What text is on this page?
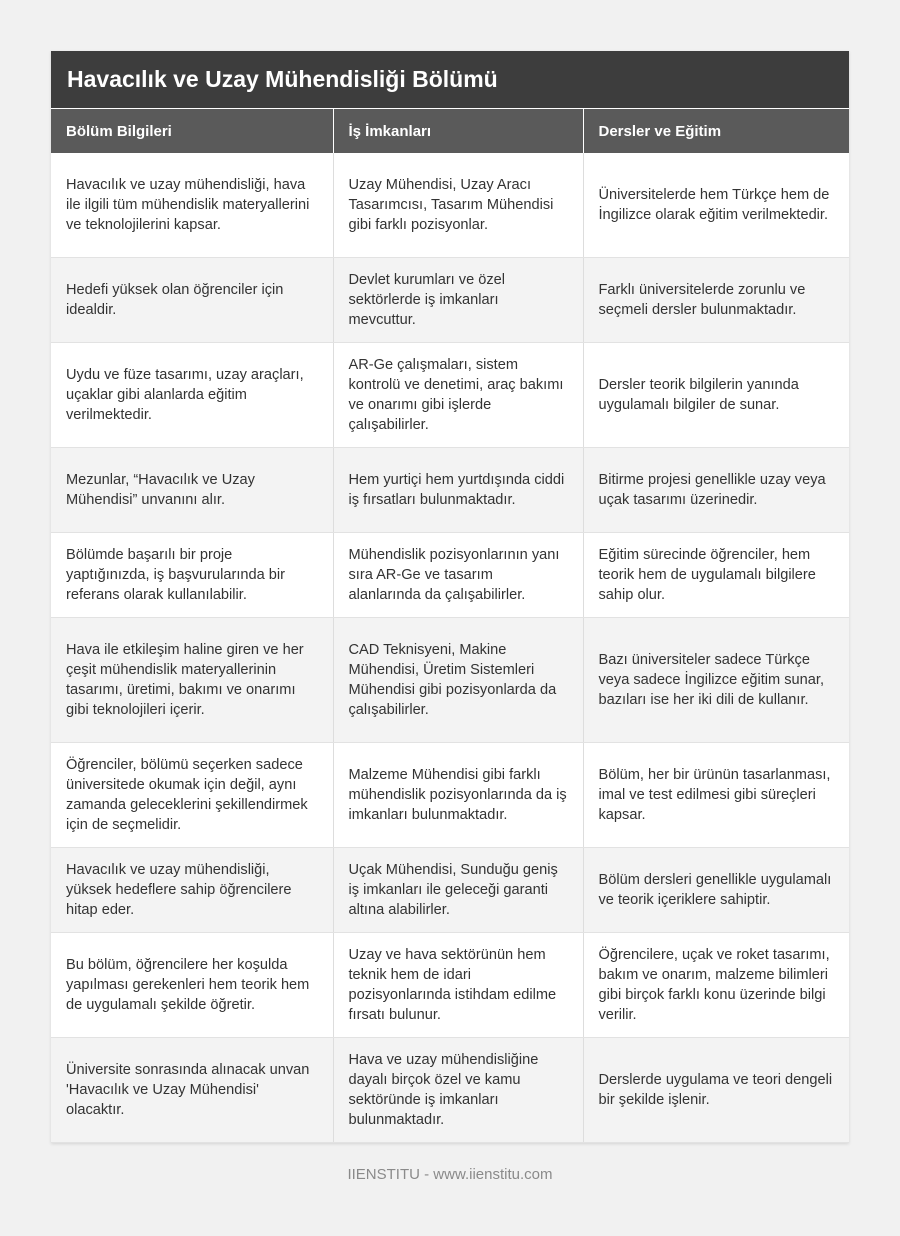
Havacılık ve Uzay Mühendisliği Bölümü
Bölüm Bilgileri	İş İmkanları	Dersler ve Eğitim
Havacılık ve uzay mühendisliği, hava ile ilgili tüm mühendislik materyallerini ve teknolojilerini kapsar.	Uzay Mühendisi, Uzay Aracı Tasarımcısı, Tasarım Mühendisi gibi farklı pozisyonlar.	Üniversitelerde hem Türkçe hem de İngilizce olarak eğitim verilmektedir.
Hedefi yüksek olan öğrenciler için idealdir.	Devlet kurumları ve özel sektörlerde iş imkanları mevcuttur.	Farklı üniversitelerde zorunlu ve seçmeli dersler bulunmaktadır.
Uydu ve füze tasarımı, uzay araçları, uçaklar gibi alanlarda eğitim verilmektedir.	AR-Ge çalışmaları, sistem kontrolü ve denetimi, araç bakımı ve onarımı gibi işlerde çalışabilirler.	Dersler teorik bilgilerin yanında uygulamalı bilgiler de sunar.
Mezunlar, “Havacılık ve Uzay Mühendisi” unvanını alır.	Hem yurtiçi hem yurtdışında ciddi iş fırsatları bulunmaktadır.	Bitirme projesi genellikle uzay veya uçak tasarımı üzerinedir.
Bölümde başarılı bir proje yaptığınızda, iş başvurularında bir referans olarak kullanılabilir.	Mühendislik pozisyonlarının yanı sıra AR-Ge ve tasarım alanlarında da çalışabilirler.	Eğitim sürecinde öğrenciler, hem teorik hem de uygulamalı bilgilere sahip olur.
Hava ile etkileşim haline giren ve her çeşit mühendislik materyallerinin tasarımı, üretimi, bakımı ve onarımı gibi teknolojileri içerir.	CAD Teknisyeni, Makine Mühendisi, Üretim Sistemleri Mühendisi gibi pozisyonlarda da çalışabilirler.	Bazı üniversiteler sadece Türkçe veya sadece İngilizce eğitim sunar, bazıları ise her iki dili de kullanır.
Öğrenciler, bölümü seçerken sadece üniversitede okumak için değil, aynı zamanda geleceklerini şekillendirmek için de seçmelidir.	Malzeme Mühendisi gibi farklı mühendislik pozisyonlarında da iş imkanları bulunmaktadır.	Bölüm, her bir ürünün tasarlanması, imal ve test edilmesi gibi süreçleri kapsar.
Havacılık ve uzay mühendisliği, yüksek hedeflere sahip öğrencilere hitap eder.	Uçak Mühendisi, Sunduğu geniş iş imkanları ile geleceği garanti altına alabilirler.	Bölüm dersleri genellikle uygulamalı ve teorik içeriklere sahiptir.
Bu bölüm, öğrencilere her koşulda yapılması gerekenleri hem teorik hem de uygulamalı şekilde öğretir.	Uzay ve hava sektörünün hem teknik hem de idari pozisyonlarında istihdam edilme fırsatı bulunur.	Öğrencilere, uçak ve roket tasarımı, bakım ve onarım, malzeme bilimleri gibi birçok farklı konu üzerinde bilgi verilir.
Üniversite sonrasında alınacak unvan 'Havacılık ve Uzay Mühendisi' olacaktır.	Hava ve uzay mühendisliğine dayalı birçok özel ve kamu sektöründe iş imkanları bulunmaktadır.	Derslerde uygulama ve teori dengeli bir şekilde işlenir.
IIENSTITU - www.iienstitu.com
